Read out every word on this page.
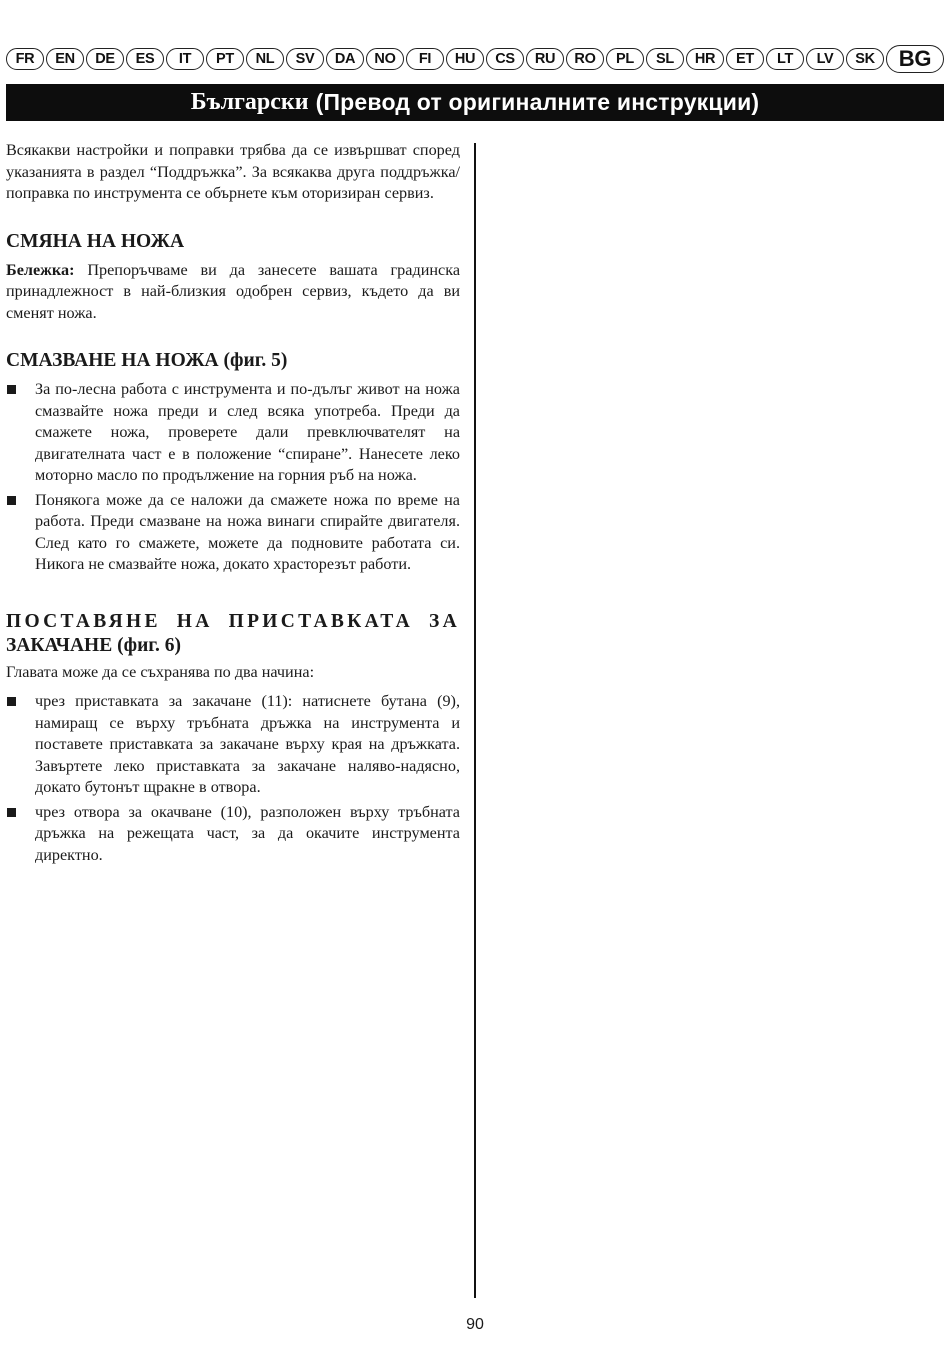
FR	EN	DE	ES	IT	PT	NL	SV	DA	NO	FI	HU	CS	RU	RO	PL	SL	HR	ET	LT	LV	SK	BG
Български (Превод от оригиналните инструкции)

Всякакви настройки и поправки трябва да се извършват според указанията в раздел “Поддръжка”. За всякаква друга поддръжка/поправка по инструмента се обърнете към оторизиран сервиз.

СМЯНА НА НОЖА

Бележка: Препоръчваме ви да занесете вашата градинска принадлежност в най-близкия одобрен сервиз, където да ви сменят ножа.

СМАЗВАНЕ НА НОЖА (фиг. 5)
За по-лесна работа с инструмента и по-дълъг живот на ножа смазвайте ножа преди и след всяка употреба. Преди да смажете ножа, проверете дали превключвателят на двигателната част е в положение “спиране”. Нанесете леко моторно масло по продължение на горния ръб на ножа.
Понякога може да се наложи да смажете ножа по време на работа. Преди смазване на ножа винаги спирайте двигателя. След като го смажете, можете да подновите работата си. Никога не смазвайте ножа, докато храсторезът работи.
ПОСТАВЯНЕ НА ПРИСТАВКАТА ЗА
ЗАКАЧАНЕ (фиг. 6)

Главата може да се съхранява по два начина:

чрез приставката за закачане (11): натиснете бутана (9), намиращ се върху тръбната дръжка на инструмента и поставете приставката за закачане върху края на дръжката. Завъртете леко приставката за закачане наляво-надясно, докато бутонът щракне в отвора.
чрез отвора за окачване (10), разположен върху тръбната дръжка на режещата част, за да окачите инструмента директно.
90
